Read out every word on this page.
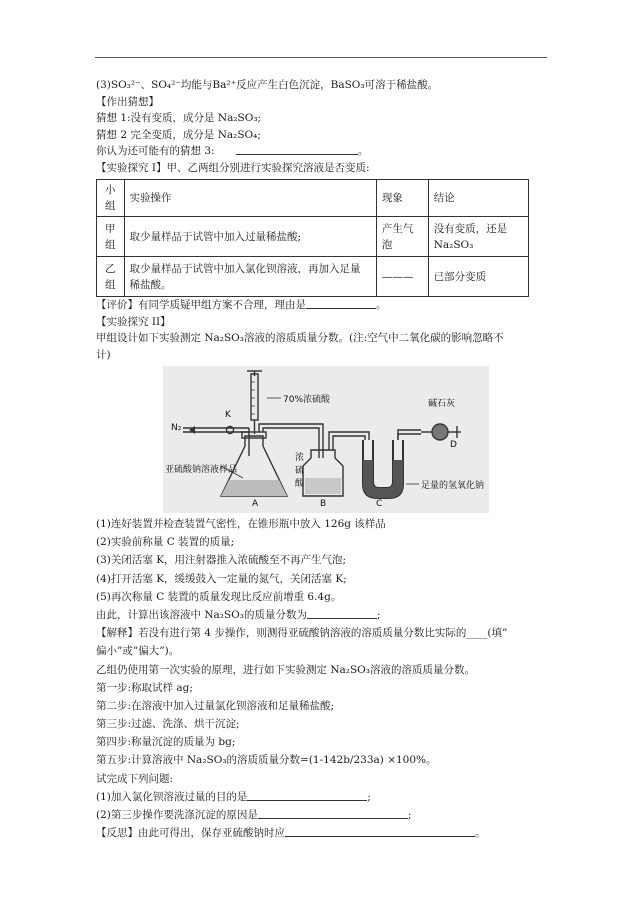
(3)SO₃²⁻、SO₄²⁻均能与Ba²⁺反应产生白色沉淀，BaSO₃可溶于稀盐酸。
【作出猜想】
猜想 1:没有变质，成分是 Na₂SO₃;
猜想 2 完全变质，成分是 Na₂SO₄;
你认为还可能有的猜想 3:	。
【实验探究 I】甲、乙两组分别进行实验探究溶液是否变质:
小组	实验操作	现象	结论
甲组	取少量样品于试管中加入过量稀盐酸;	产生气泡	没有变质，还是 Na₂SO₃
乙组	取少量样品于试管中加入氯化钡溶液，再加入足量稀盐酸。	———	已部分变质
【评价】有同学质疑甲组方案不合理，理由是	。
【实验探究 II】
甲组设计如下实验测定 Na₂SO₃溶液的溶质质量分数。(注:空气中二氧化碳的影响忽略不
计)
70%浓硫酸	碱石灰
N₂
K
亚硫酸钠溶液样品
浓
硫
酸	足量的氢氧化钠
A	B	C
D
(1)连好装置并检查装置气密性，在锥形瓶中放入 126g 该样品
(2)实验前称量 C 装置的质量;
(3)关闭活塞 K，用注射器推入浓硫酸至不再产生气泡;
(4)打开活塞 K，缓缓鼓入一定量的氮气，关闭活塞 K;
(5)再次称量 C 装置的质量发现比反应前增重 6.4g。
由此，计算出该溶液中 Na₂SO₃的质量分数为	;
【解释】若没有进行第 4 步操作，则测得亚硫酸钠溶液的溶质质量分数比实际的____(填”
偏小”或”偏大”)。
乙组仍使用第一次实验的原理，进行如下实验测定 Na₂SO₃溶液的溶质质量分数。
第一步:称取试样 ag;
第二步:在溶液中加入过量氯化钡溶液和足量稀盐酸;
第三步:过滤、洗涤、烘干沉淀;
第四步:称量沉淀的质量为 bg;
第五步:计算溶液中 Na₂SO₃的溶质质量分数=(1-142b/233a) ×100%。
试完成下列问题:
(1)加入氯化钡溶液过量的目的是	;
(2)第三步操作要洗涤沉淀的原因是	;
【反思】由此可得出，保存亚硫酸钠时应	。
